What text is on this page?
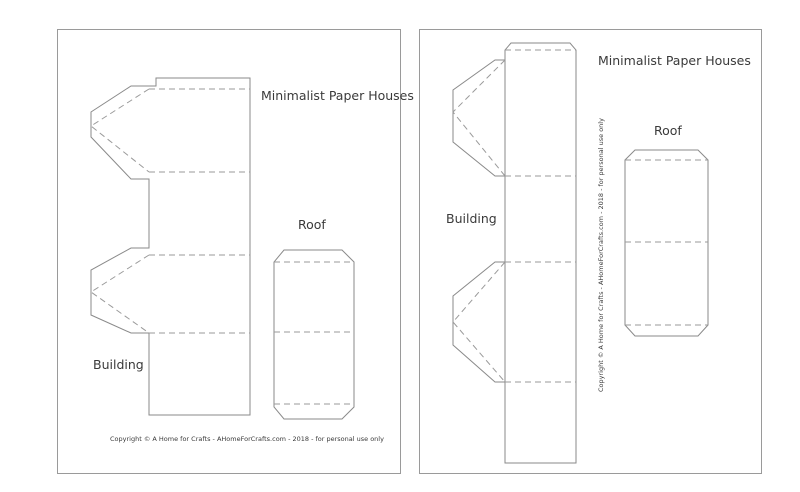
Minimalist Paper Houses
Roof
Building
Copyright © A Home for Crafts - AHomeForCrafts.com - 2018 - for personal use only
Minimalist Paper Houses
Roof
Building	Copyright © A Home for Crafts - AHomeForCrafts.com - 2018 - for personal use only
